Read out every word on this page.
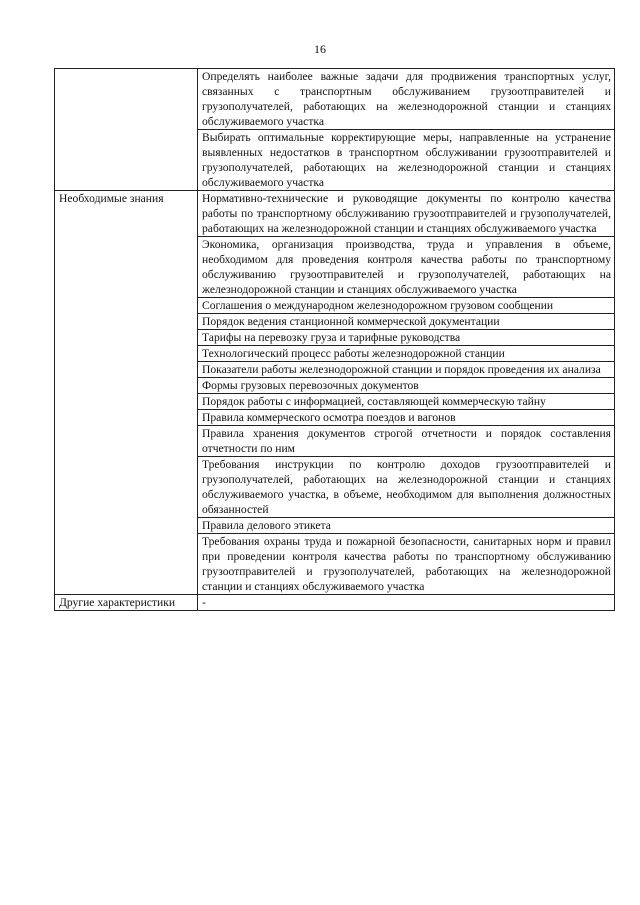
16
	Определять наиболее важные задачи для продвижения транспортных услуг, связанных с транспортным обслуживанием грузоотправителей и грузополучателей, работающих на железнодорожной станции и станциях обслуживаемого участка
	Выбирать оптимальные корректирующие меры, направленные на устранение выявленных недостатков в транспортном обслуживании грузоотправителей и грузополучателей, работающих на железнодорожной станции и станциях обслуживаемого участка
Необходимые знания	Нормативно-технические и руководящие документы по контролю качества работы по транспортному обслуживанию грузоотправителей и грузополучателей, работающих на железнодорожной станции и станциях обслуживаемого участка
	Экономика, организация производства, труда и управления в объеме, необходимом для проведения контроля качества работы по транспортному обслуживанию грузоотправителей и грузополучателей, работающих на железнодорожной станции и станциях обслуживаемого участка
	Соглашения о международном железнодорожном грузовом сообщении
	Порядок ведения станционной коммерческой документации
	Тарифы на перевозку груза и тарифные руководства
	Технологический процесс работы железнодорожной станции
	Показатели работы железнодорожной станции и порядок проведения их анализа
	Формы грузовых перевозочных документов
	Порядок работы с информацией, составляющей коммерческую тайну
	Правила коммерческого осмотра поездов и вагонов
	Правила хранения документов строгой отчетности и порядок составления отчетности по ним
	Требования инструкции по контролю доходов грузоотправителей и грузополучателей, работающих на железнодорожной станции и станциях обслуживаемого участка, в объеме, необходимом для выполнения должностных обязанностей
	Правила делового этикета
	Требования охраны труда и пожарной безопасности, санитарных норм и правил при проведении контроля качества работы по транспортному обслуживанию грузоотправителей и грузополучателей, работающих на железнодорожной станции и станциях обслуживаемого участка
Другие характеристики	-
